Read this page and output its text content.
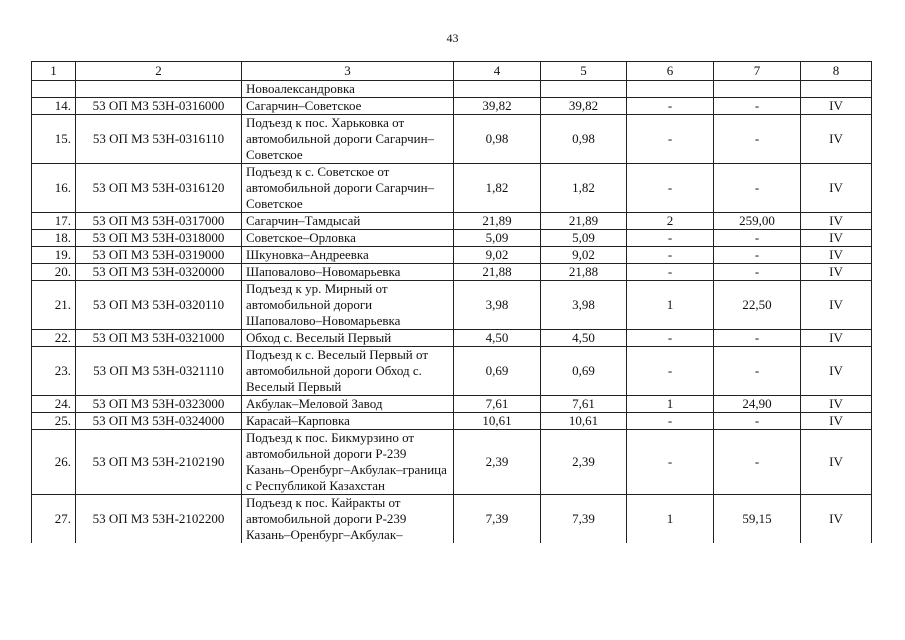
43
1	2	3	4	5	6	7	8
		Новоалександровка					
14.	53 ОП МЗ 53Н-0316000	Сагарчин–Советское	39,82	39,82	-	-	IV
15.	53 ОП МЗ 53Н-0316110	Подъезд к пос. Харьковка от автомобильной дороги Сагарчин–Советское	0,98	0,98	-	-	IV
16.	53 ОП МЗ 53Н-0316120	Подъезд к с. Советское от автомобильной дороги Сагарчин–Советское	1,82	1,82	-	-	IV
17.	53 ОП МЗ 53Н-0317000	Сагарчин–Тамдысай	21,89	21,89	2	259,00	IV
18.	53 ОП МЗ 53Н-0318000	Советское–Орловка	5,09	5,09	-	-	IV
19.	53 ОП МЗ 53Н-0319000	Шкуновка–Андреевка	9,02	9,02	-	-	IV
20.	53 ОП МЗ 53Н-0320000	Шаповалово–Новомарьевка	21,88	21,88	-	-	IV
21.	53 ОП МЗ 53Н-0320110	Подъезд к ур. Мирный от автомобильной дороги Шаповалово–Новомарьевка	3,98	3,98	1	22,50	IV
22.	53 ОП МЗ 53Н-0321000	Обход с. Веселый Первый	4,50	4,50	-	-	IV
23.	53 ОП МЗ 53Н-0321110	Подъезд к с. Веселый Первый от автомобильной дороги Обход с. Веселый Первый	0,69	0,69	-	-	IV
24.	53 ОП МЗ 53Н-0323000	Акбулак–Меловой Завод	7,61	7,61	1	24,90	IV
25.	53 ОП МЗ 53Н-0324000	Карасай–Карповка	10,61	10,61	-	-	IV
26.	53 ОП МЗ 53Н-2102190	Подъезд к пос. Бикмурзино от автомобильной дороги Р-239 Казань–Оренбург–Акбулак–граница с Республикой Казахстан	2,39	2,39	-	-	IV
27.	53 ОП МЗ 53Н-2102200	Подъезд к пос. Кайракты от автомобильной дороги Р-239 Казань–Оренбург–Акбулак–	7,39	7,39	1	59,15	IV
